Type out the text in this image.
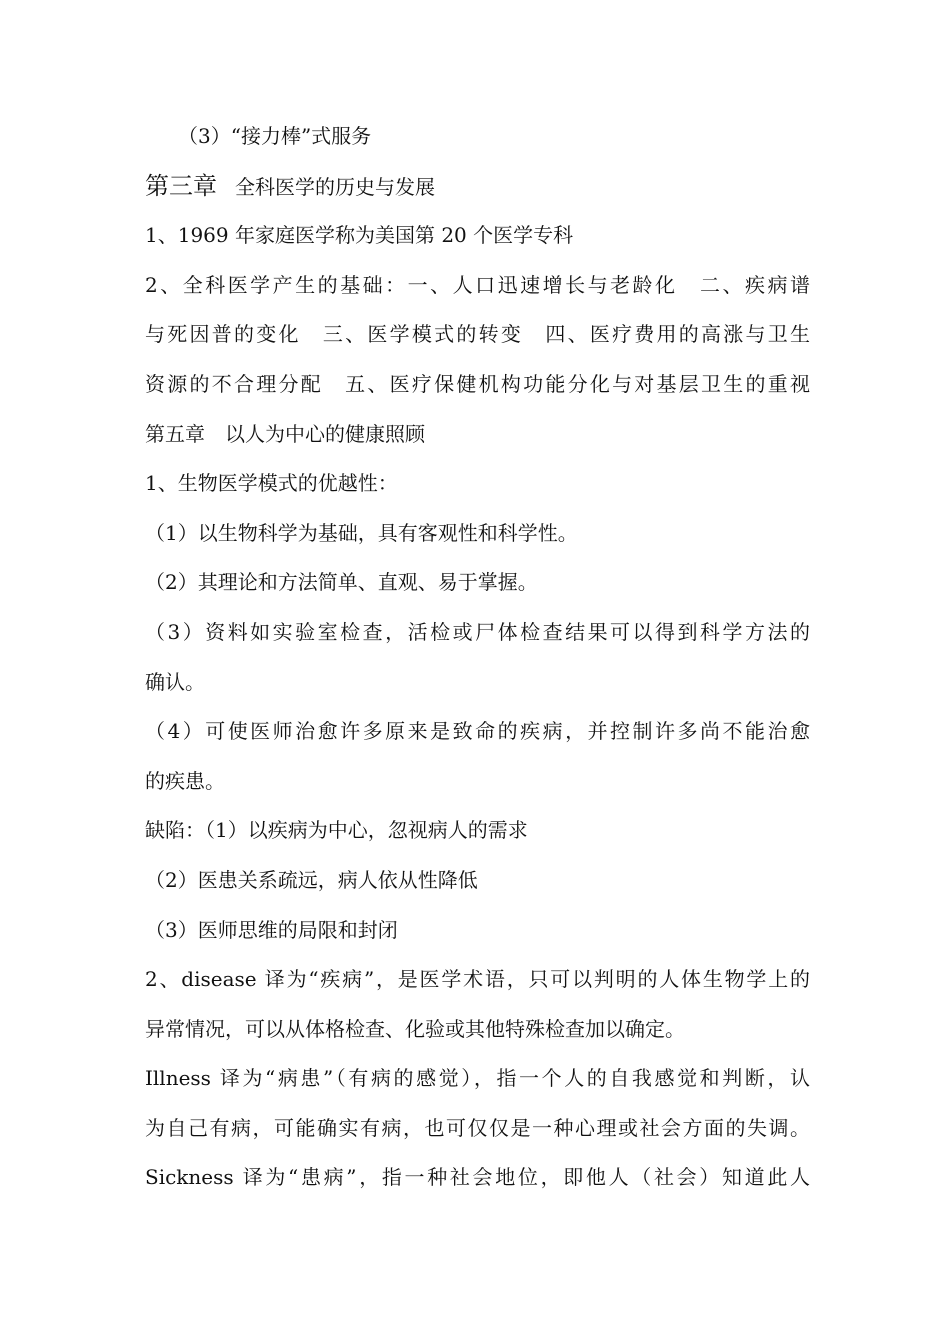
（3）“接力棒”式服务
第三章 全科医学的历史与发展
1、1969 年家庭医学称为美国第 20 个医学专科
2、全科医学产生的基础：一、人口迅速增长与老龄化　二、疾病谱
与死因普的变化　三、医学模式的转变　四、医疗费用的高涨与卫生
资源的不合理分配　五、医疗保健机构功能分化与对基层卫生的重视
第五章　以人为中心的健康照顾
1、生物医学模式的优越性：
（1）以生物科学为基础，具有客观性和科学性。
（2）其理论和方法简单、直观、易于掌握。
（3）资料如实验室检查，活检或尸体检查结果可以得到科学方法的
确认。
（4）可使医师治愈许多原来是致命的疾病，并控制许多尚不能治愈
的疾患。
缺陷：（1）以疾病为中心，忽视病人的需求
（2）医患关系疏远，病人依从性降低
（3）医师思维的局限和封闭
2、disease 译为“疾病”，是医学术语，只可以判明的人体生物学上的
异常情况，可以从体格检查、化验或其他特殊检查加以确定。
Illness 译为“病患”（有病的感觉），指一个人的自我感觉和判断，认
为自己有病，可能确实有病，也可仅仅是一种心理或社会方面的失调。
Sickness 译为“患病”，指一种社会地位，即他人（社会）知道此人
